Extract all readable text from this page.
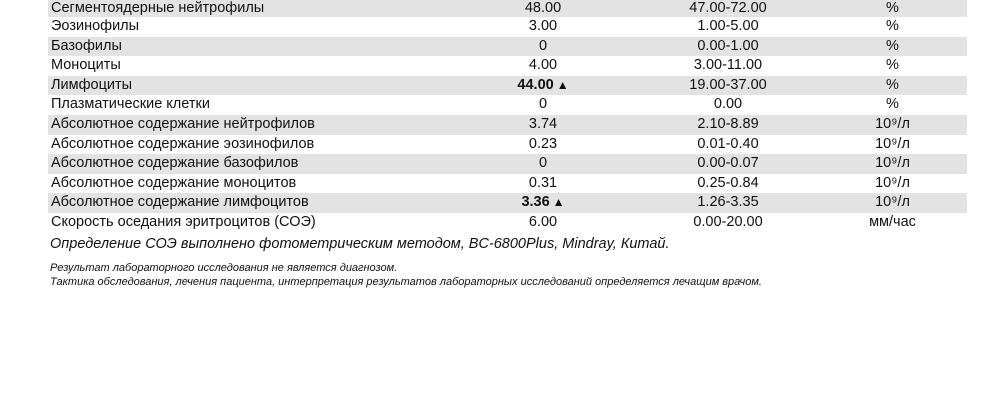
Сегментоядерные нейтрофилы	48.00	47.00-72.00	%
Эозинофилы	3.00	1.00-5.00	%
Базофилы	0	0.00-1.00	%
Моноциты	4.00	3.00-11.00	%
Лимфоциты	44.00 ▲	19.00-37.00	%
Плазматические клетки	0	0.00	%
Абсолютное содержание нейтрофилов	3.74	2.10-8.89	10⁹/л
Абсолютное содержание эозинофилов	0.23	0.01-0.40	10⁹/л
Абсолютное содержание базофилов	0	0.00-0.07	10⁹/л
Абсолютное содержание моноцитов	0.31	0.25-0.84	10⁹/л
Абсолютное содержание лимфоцитов	3.36 ▲	1.26-3.35	10⁹/л
Скорость оседания эритроцитов (СОЭ)	6.00	0.00-20.00	мм/час
Определение СОЭ выполнено фотометрическим методом, BC-6800Plus, Mindray, Китай.
Результат лабораторного исследования не является диагнозом.
Тактика обследования, лечения пациента, интерпретация результатов лабораторных исследований определяется лечащим врачом.
